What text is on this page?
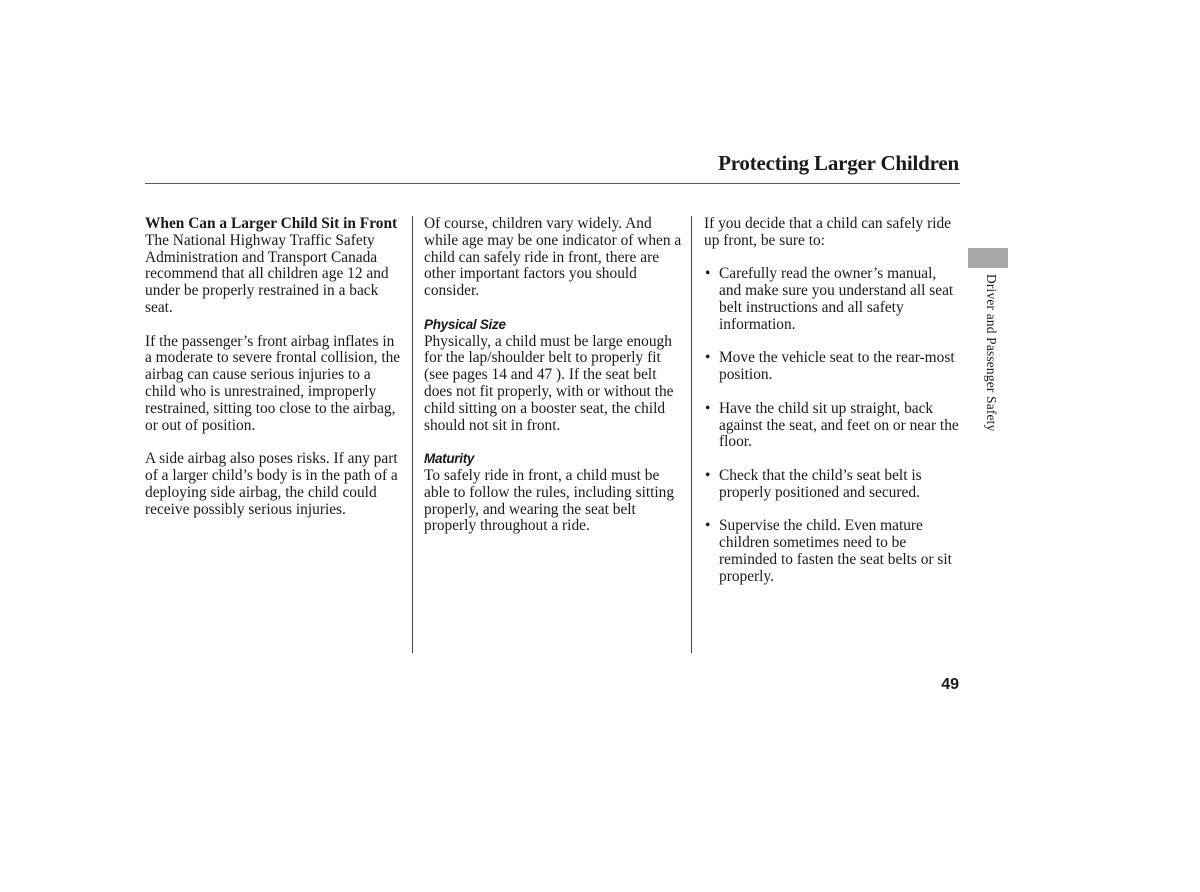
Protecting Larger Children
Driver and Passenger Safety
When Can a Larger Child Sit in Front

The National Highway Traffic Safety Administration and Transport Canada recommend that all children age 12 and under be properly restrained in a back seat.

If the passenger’s front airbag inflates in a moderate to severe frontal collision, the airbag can cause serious injuries to a child who is unrestrained, improperly restrained, sitting too close to the airbag, or out of position.

A side airbag also poses risks. If any part of a larger child’s body is in the path of a deploying side airbag, the child could receive possibly serious injuries.

Of course, children vary widely. And while age may be one indicator of when a child can safely ride in front, there are other important factors you should consider.

Physical Size

Physically, a child must be large enough for the lap/shoulder belt to properly fit (see pages 14 and 47 ). If the seat belt does not fit properly, with or without the child sitting on a booster seat, the child should not sit in front.

Maturity

To safely ride in front, a child must be able to follow the rules, including sitting properly, and wearing the seat belt properly throughout a ride.

If you decide that a child can safely ride up front, be sure to:

• Carefully read the owner’s manual, and make sure you understand all seat belt instructions and all safety information.
• Move the vehicle seat to the rear-most position.
• Have the child sit up straight, back against the seat, and feet on or near the floor.
• Check that the child’s seat belt is properly positioned and secured.
• Supervise the child. Even mature children sometimes need to be reminded to fasten the seat belts or sit properly.
49
